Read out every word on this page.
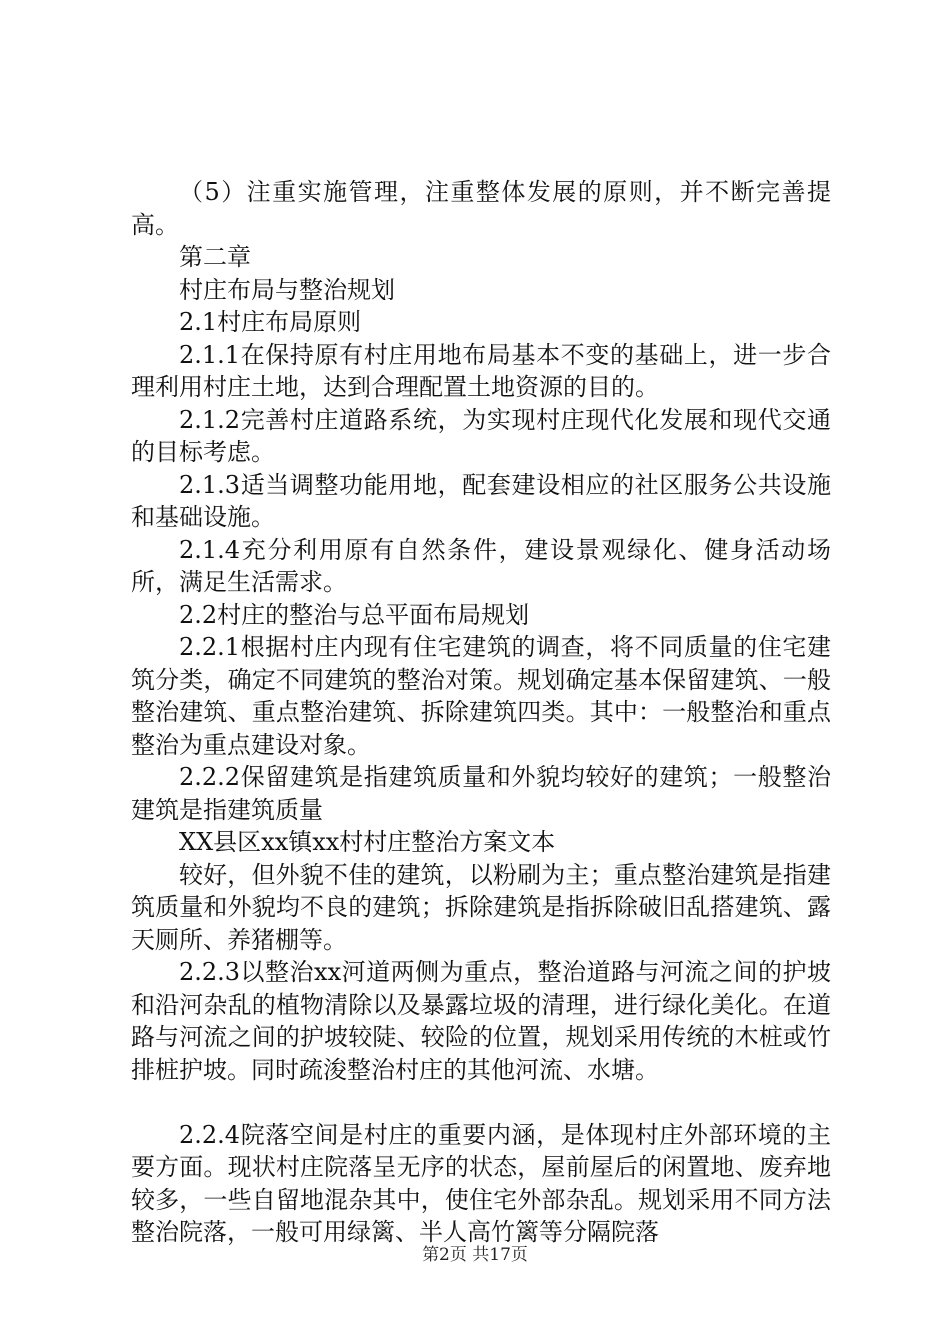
（5）注重实施管理，注重整体发展的原则，并不断完善提高。

第二章

村庄布局与整治规划

2.1村庄布局原则

2.1.1在保持原有村庄用地布局基本不变的基础上，进一步合理利用村庄土地，达到合理配置土地资源的目的。

2.1.2完善村庄道路系统，为实现村庄现代化发展和现代交通的目标考虑。

2.1.3适当调整功能用地，配套建设相应的社区服务公共设施和基础设施。

2.1.4充分利用原有自然条件，建设景观绿化、健身活动场所，满足生活需求。

2.2村庄的整治与总平面布局规划

2.2.1根据村庄内现有住宅建筑的调查，将不同质量的住宅建筑分类，确定不同建筑的整治对策。规划确定基本保留建筑、一般整治建筑、重点整治建筑、拆除建筑四类。其中：一般整治和重点整治为重点建设对象。

2.2.2保留建筑是指建筑质量和外貌均较好的建筑；一般整治建筑是指建筑质量

XX县区xx镇xx村村庄整治方案文本

较好，但外貌不佳的建筑，以粉刷为主；重点整治建筑是指建筑质量和外貌均不良的建筑；拆除建筑是指拆除破旧乱搭建筑、露天厕所、养猪棚等。

2.2.3以整治xx河道两侧为重点，整治道路与河流之间的护坡和沿河杂乱的植物清除以及暴露垃圾的清理，进行绿化美化。在道路与河流之间的护坡较陡、较险的位置，规划采用传统的木桩或竹排桩护坡。同时疏浚整治村庄的其他河流、水塘。

2.2.4院落空间是村庄的重要内涵，是体现村庄外部环境的主要方面。现状村庄院落呈无序的状态，屋前屋后的闲置地、废弃地较多，一些自留地混杂其中，使住宅外部杂乱。规划采用不同方法整治院落，一般可用绿篱、半人高竹篱等分隔院落

第2页 共17页
